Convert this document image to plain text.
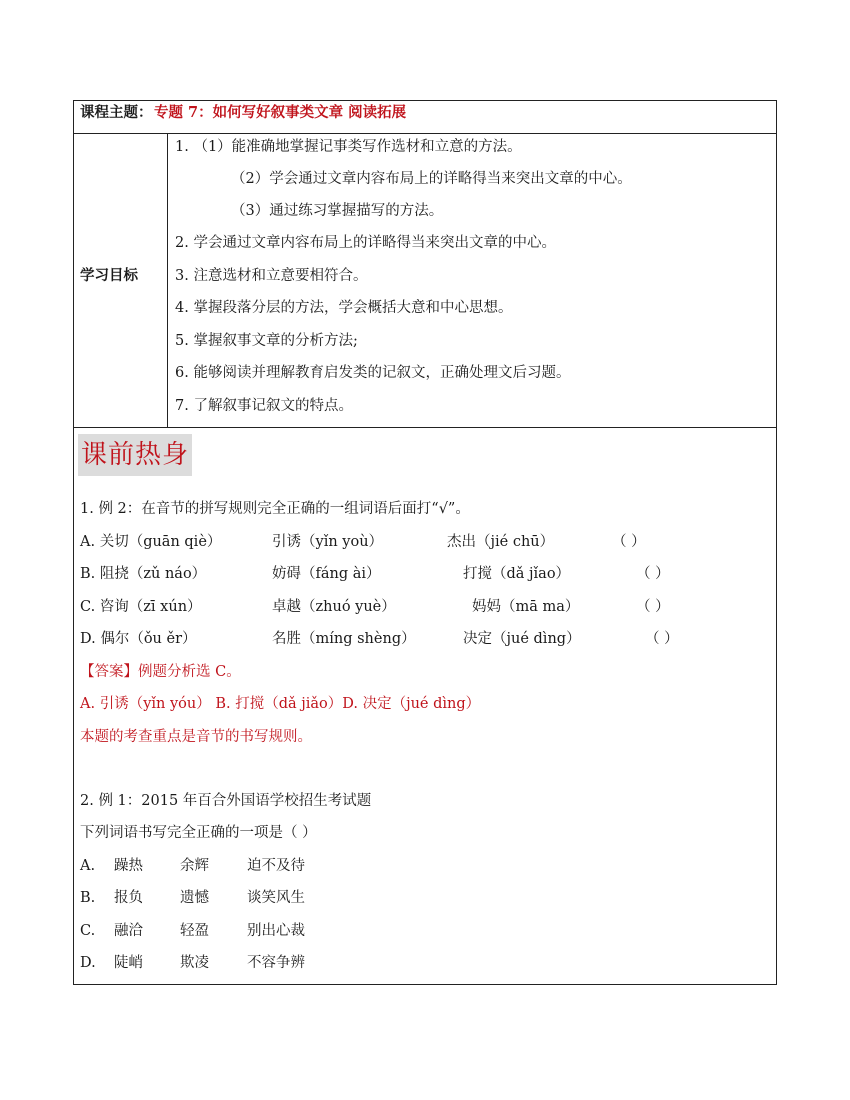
课程主题： 专题 7：如何写好叙事类文章 阅读拓展
学习目标
1. （1）能准确地掌握记事类写作选材和立意的方法。
（2）学会通过文章内容布局上的详略得当来突出文章的中心。
（3）通过练习掌握描写的方法。
2. 学会通过文章内容布局上的详略得当来突出文章的中心。
3. 注意选材和立意要相符合。
4. 掌握段落分层的方法，学会概括大意和中心思想。
5. 掌握叙事文章的分析方法;
6. 能够阅读并理解教育启发类的记叙文，正确处理文后习题。
7. 了解叙事记叙文的特点。
课前热身
1. 例 2：在音节的拼写规则完全正确的一组词语后面打“√”。
A. 关切（guān qiè）	引诱（yǐn yoù）	杰出（jié chū）	（ ）
B. 阻挠（zǔ náo）	妨碍（fáng ài）	打搅（dǎ jǐao）	（ ）
C. 咨询（zī xún）	卓越（zhuó yuè）	妈妈（mā ma）	（ ）
D. 偶尔（ǒu ěr）	名胜（míng shèng）	决定（jué dìng）	（ ）
【答案】例题分析选 C。
A. 引诱（yǐn yóu） B. 打搅（dǎ jiǎo）D. 决定（jué dìng）
本题的考查重点是音节的书写规则。
2. 例 1：2015 年百合外国语学校招生考试题
下列词语书写完全正确的一项是（ ）
A. 躁热	余辉	迫不及待
B. 报负	遗憾	谈笑风生
C. 融洽	轻盈	别出心裁
D. 陡峭	欺凌	不容争辨
